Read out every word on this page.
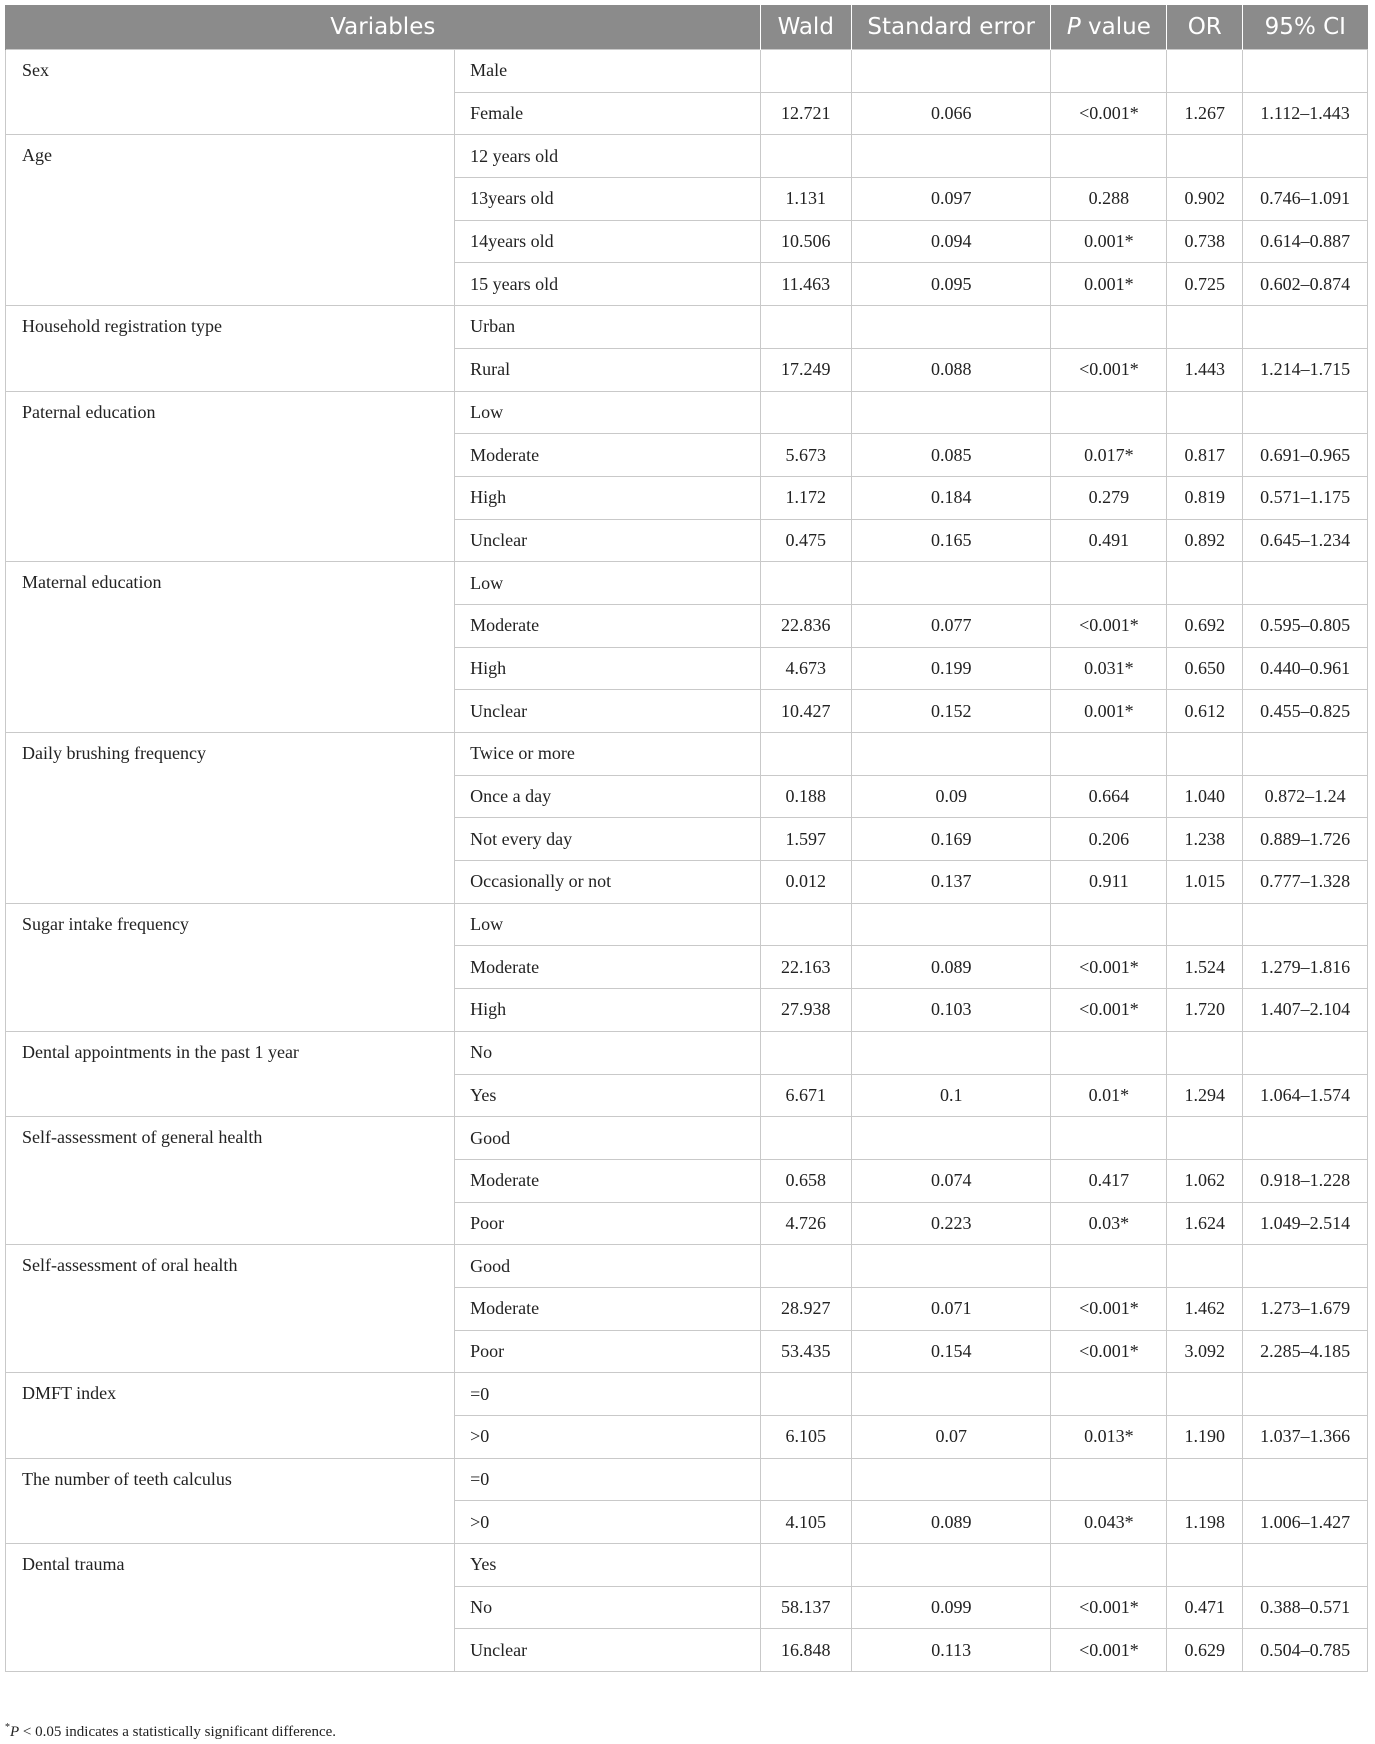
Variables		Wald	Standard error	P value	OR	95% CI
Sex	Male					
	Female	12.721	0.066	<0.001*	1.267	1.112–1.443
Age	12 years old					
	13years old	1.131	0.097	0.288	0.902	0.746–1.091
	14years old	10.506	0.094	0.001*	0.738	0.614–0.887
	15 years old	11.463	0.095	0.001*	0.725	0.602–0.874
Household registration type	Urban					
	Rural	17.249	0.088	<0.001*	1.443	1.214–1.715
Paternal education	Low					
	Moderate	5.673	0.085	0.017*	0.817	0.691–0.965
	High	1.172	0.184	0.279	0.819	0.571–1.175
	Unclear	0.475	0.165	0.491	0.892	0.645–1.234
Maternal education	Low					
	Moderate	22.836	0.077	<0.001*	0.692	0.595–0.805
	High	4.673	0.199	0.031*	0.650	0.440–0.961
	Unclear	10.427	0.152	0.001*	0.612	0.455–0.825
Daily brushing frequency	Twice or more					
	Once a day	0.188	0.09	0.664	1.040	0.872–1.24
	Not every day	1.597	0.169	0.206	1.238	0.889–1.726
	Occasionally or not	0.012	0.137	0.911	1.015	0.777–1.328
Sugar intake frequency	Low					
	Moderate	22.163	0.089	<0.001*	1.524	1.279–1.816
	High	27.938	0.103	<0.001*	1.720	1.407–2.104
Dental appointments in the past 1 year	No					
	Yes	6.671	0.1	0.01*	1.294	1.064–1.574
Self-assessment of general health	Good					
	Moderate	0.658	0.074	0.417	1.062	0.918–1.228
	Poor	4.726	0.223	0.03*	1.624	1.049–2.514
Self-assessment of oral health	Good					
	Moderate	28.927	0.071	<0.001*	1.462	1.273–1.679
	Poor	53.435	0.154	<0.001*	3.092	2.285–4.185
DMFT index	=0					
	>0	6.105	0.07	0.013*	1.190	1.037–1.366
The number of teeth calculus	=0					
	>0	4.105	0.089	0.043*	1.198	1.006–1.427
Dental trauma	Yes					
	No	58.137	0.099	<0.001*	0.471	0.388–0.571
	Unclear	16.848	0.113	<0.001*	0.629	0.504–0.785
*P < 0.05 indicates a statistically significant difference.
